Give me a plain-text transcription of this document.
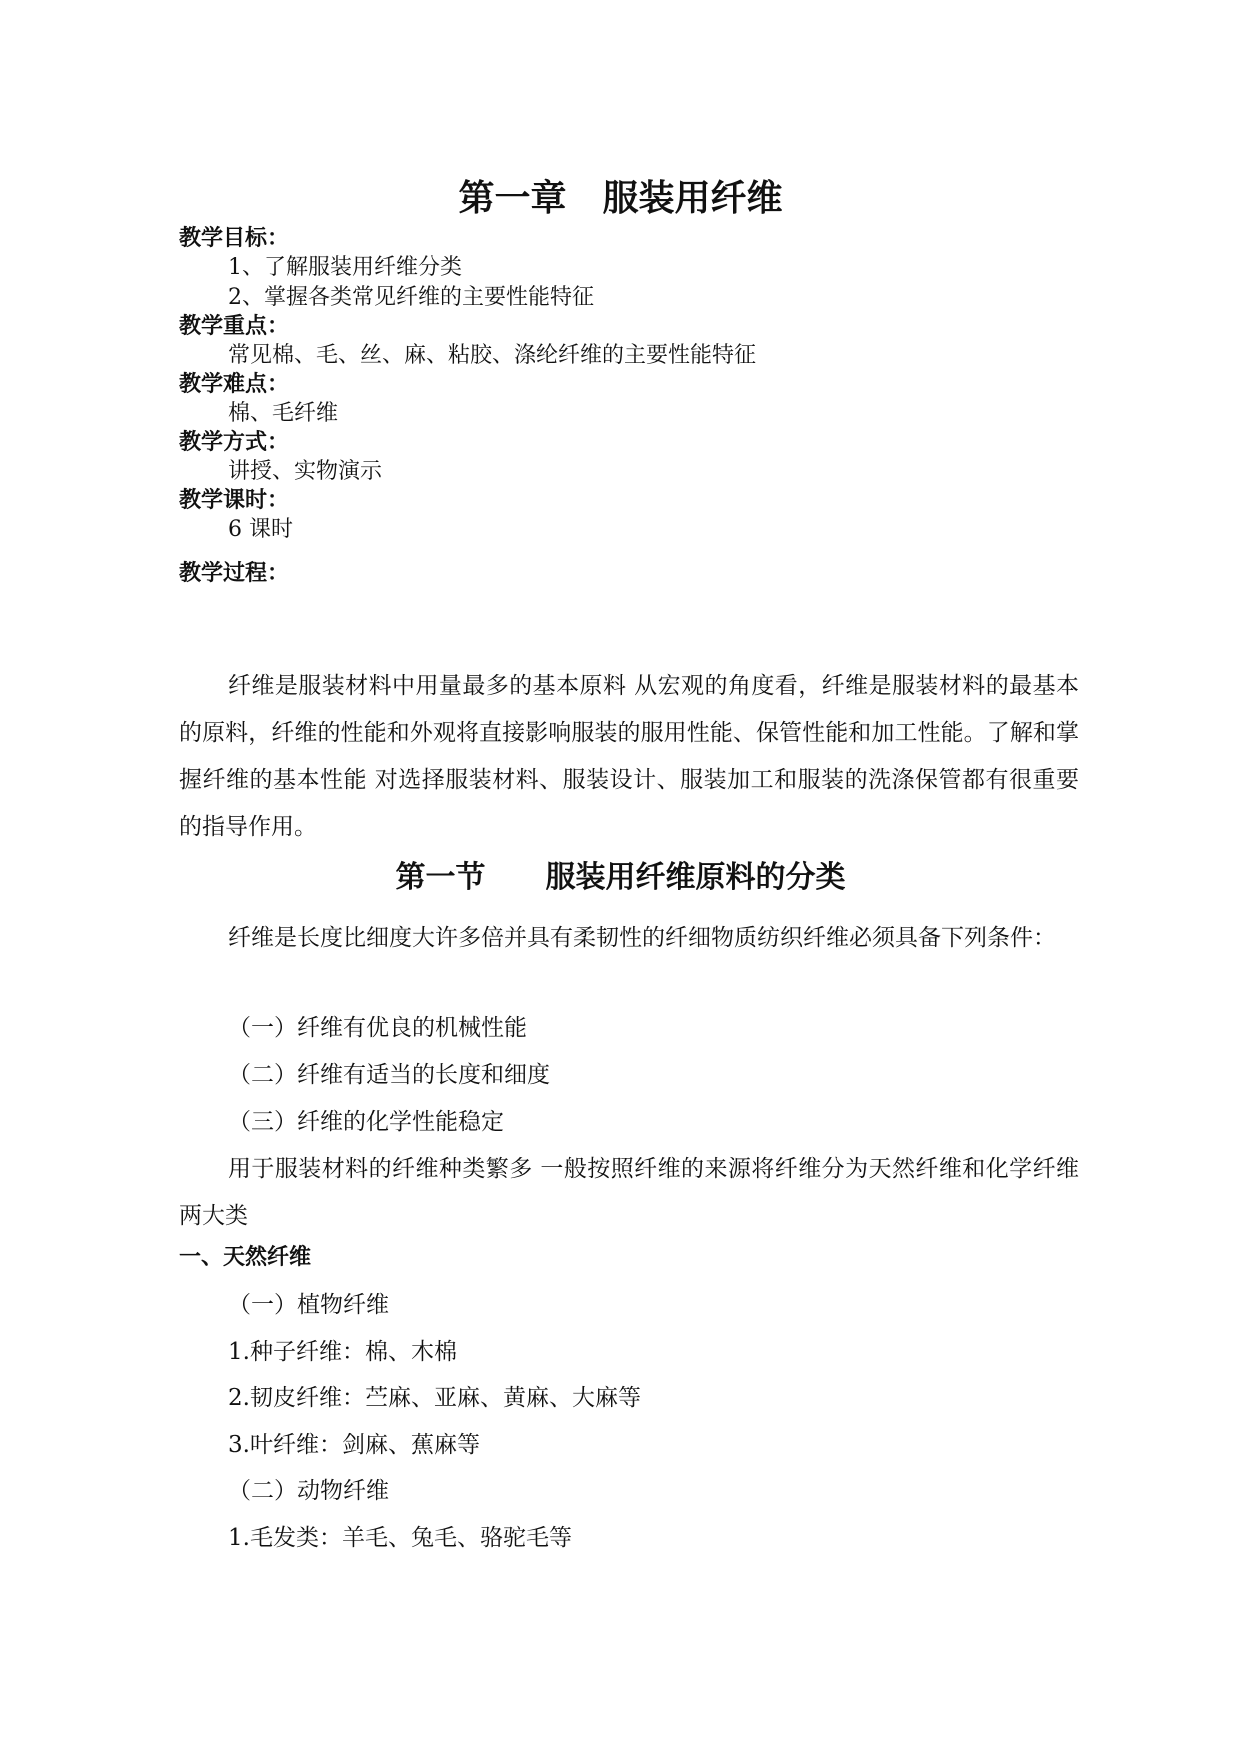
第一章　服装用纤维
教学目标：
1、了解服装用纤维分类
2、掌握各类常见纤维的主要性能特征
教学重点：
常见棉、毛、丝、麻、粘胶、涤纶纤维的主要性能特征
教学难点：
棉、毛纤维
教学方式：
讲授、实物演示
教学课时：
6 课时
教学过程：
纤维是服装材料中用量最多的基本原料 从宏观的角度看，纤维是服装材料的最基本的原料，纤维的性能和外观将直接影响服装的服用性能、保管性能和加工性能。了解和掌握纤维的基本性能 对选择服装材料、服装设计、服装加工和服装的洗涤保管都有很重要的指导作用。
第一节　　服装用纤维原料的分类
纤维是长度比细度大许多倍并具有柔韧性的纤细物质纺织纤维必须具备下列条件：
（一）纤维有优良的机械性能
（二）纤维有适当的长度和细度
（三）纤维的化学性能稳定
用于服装材料的纤维种类繁多 一般按照纤维的来源将纤维分为天然纤维和化学纤维两大类
一、天然纤维
（一）植物纤维
1.种子纤维：棉、木棉
2.韧皮纤维：苎麻、亚麻、黄麻、大麻等
3.叶纤维：剑麻、蕉麻等
（二）动物纤维
1.毛发类：羊毛、兔毛、骆驼毛等
